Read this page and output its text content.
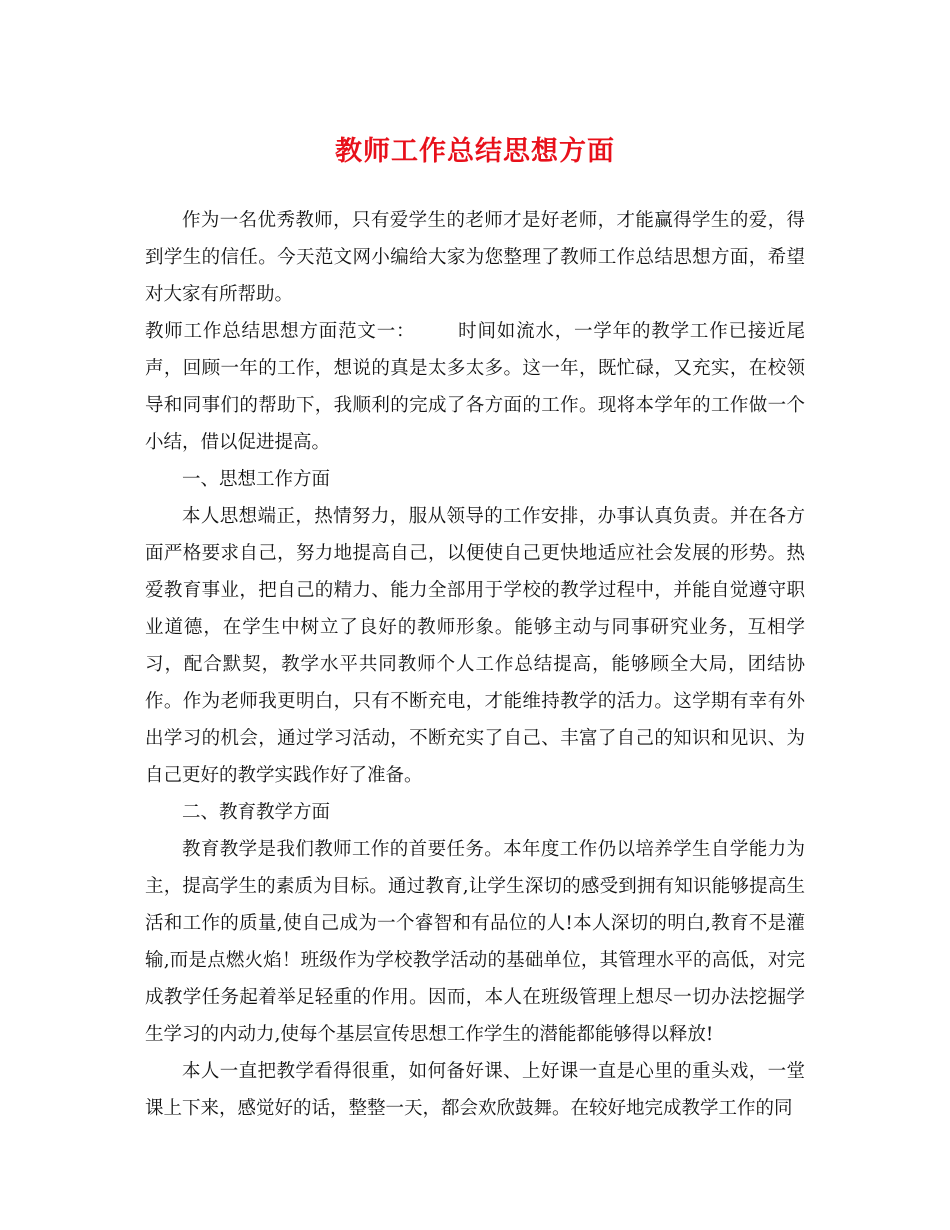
教师工作总结思想方面

作为一名优秀教师，只有爱学生的老师才是好老师，才能赢得学生的爱，得到学生的信任。今天范文网小编给大家为您整理了教师工作总结思想方面，希望对大家有所帮助。

教师工作总结思想方面范文一： 时间如流水，一学年的教学工作已接近尾声，回顾一年的工作，想说的真是太多太多。这一年，既忙碌，又充实，在校领导和同事们的帮助下，我顺利的完成了各方面的工作。现将本学年的工作做一个小结，借以促进提高。

一、思想工作方面

本人思想端正，热情努力，服从领导的工作安排，办事认真负责。并在各方面严格要求自己，努力地提高自己，以便使自己更快地适应社会发展的形势。热爱教育事业，把自己的精力、能力全部用于学校的教学过程中，并能自觉遵守职业道德，在学生中树立了良好的教师形象。能够主动与同事研究业务，互相学习，配合默契，教学水平共同教师个人工作总结提高，能够顾全大局，团结协作。作为老师我更明白，只有不断充电，才能维持教学的活力。这学期有幸有外出学习的机会，通过学习活动，不断充实了自己、丰富了自己的知识和见识、为自己更好的教学实践作好了准备。

二、教育教学方面

教育教学是我们教师工作的首要任务。本年度工作仍以培养学生自学能力为主，提高学生的素质为目标。通过教育,让学生深切的感受到拥有知识能够提高生活和工作的质量,使自己成为一个睿智和有品位的人!本人深切的明白,教育不是灌输,而是点燃火焰！班级作为学校教学活动的基础单位，其管理水平的高低，对完成教学任务起着举足轻重的作用。因而，本人在班级管理上想尽一切办法挖掘学生学习的内动力,使每个基层宣传思想工作学生的潜能都能够得以释放!

本人一直把教学看得很重，如何备好课、上好课一直是心里的重头戏，一堂课上下来，感觉好的话，整整一天，都会欢欣鼓舞。在较好地完成教学工作的同
